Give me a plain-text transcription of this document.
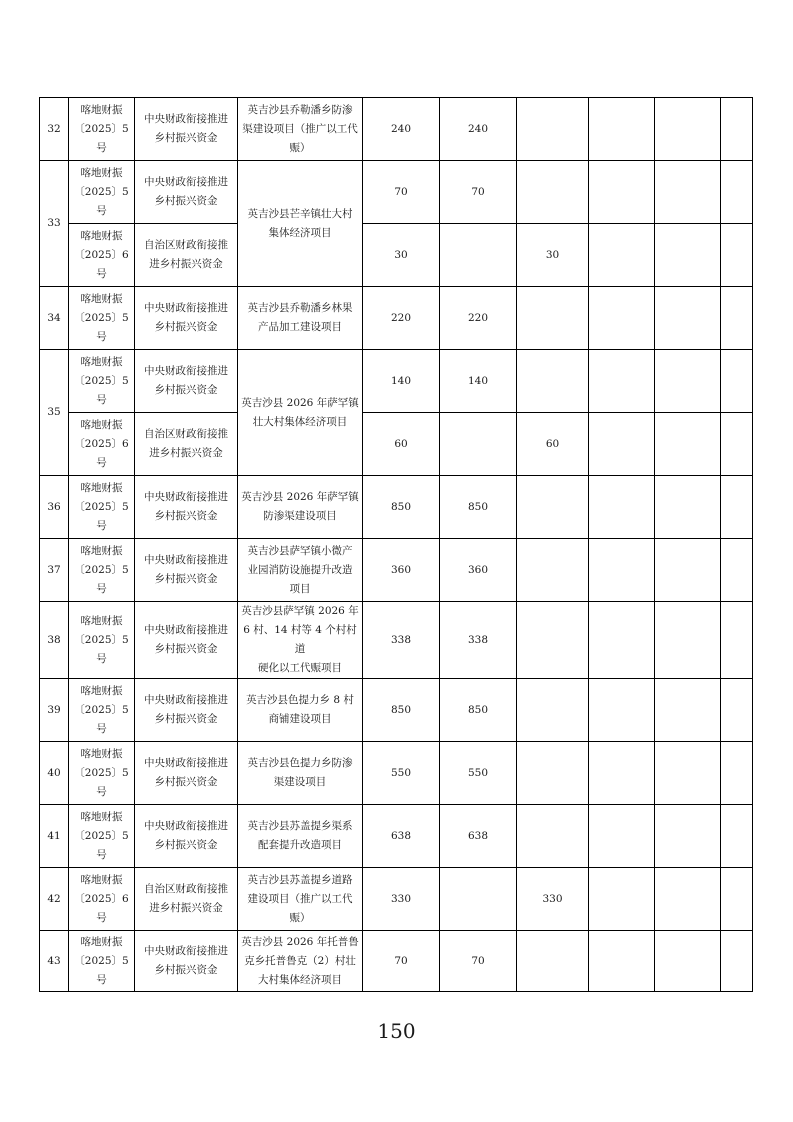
32	喀地财振
〔2025〕5
号	中央财政衔接推进
乡村振兴资金	英吉沙县乔勒潘乡防渗
渠建设项目（推广以工代
赈）	240	240				
33	喀地财振
〔2025〕5
号	中央财政衔接推进
乡村振兴资金	英吉沙县芒辛镇壮大村
集体经济项目	70	70				

	喀地财振
〔2025〕6
号	自治区财政衔接推
进乡村振兴资金		30		30			
34	喀地财振
〔2025〕5
号	中央财政衔接推进
乡村振兴资金	英吉沙县乔勒潘乡林果
产品加工建设项目	220	220				
35	喀地财振
〔2025〕5
号	中央财政衔接推进
乡村振兴资金	英吉沙县 2026 年萨罕镇
壮大村集体经济项目	140	140				

	喀地财振
〔2025〕6
号	自治区财政衔接推
进乡村振兴资金		60		60			
36	喀地财振
〔2025〕5
号	中央财政衔接推进
乡村振兴资金	英吉沙县 2026 年萨罕镇
防渗渠建设项目	850	850				
37	喀地财振
〔2025〕5
号	中央财政衔接推进
乡村振兴资金	英吉沙县萨罕镇小微产
业园消防设施提升改造
项目	360	360				
38	喀地财振
〔2025〕5
号	中央财政衔接推进
乡村振兴资金	英吉沙县萨罕镇 2026 年
6 村、14 村等 4 个村村道
硬化以工代赈项目	338	338				
39	喀地财振
〔2025〕5
号	中央财政衔接推进
乡村振兴资金	英吉沙县色提力乡 8 村
商铺建设项目	850	850				
40	喀地财振
〔2025〕5
号	中央财政衔接推进
乡村振兴资金	英吉沙县色提力乡防渗
渠建设项目	550	550				
41	喀地财振
〔2025〕5
号	中央财政衔接推进
乡村振兴资金	英吉沙县苏盖提乡渠系
配套提升改造项目	638	638				
42	喀地财振
〔2025〕6
号	自治区财政衔接推
进乡村振兴资金	英吉沙县苏盖提乡道路
建设项目（推广以工代
赈）	330		330			
43	喀地财振
〔2025〕5
号	中央财政衔接推进
乡村振兴资金	英吉沙县 2026 年托普鲁
克乡托普鲁克（2）村壮
大村集体经济项目	70	70				
150
